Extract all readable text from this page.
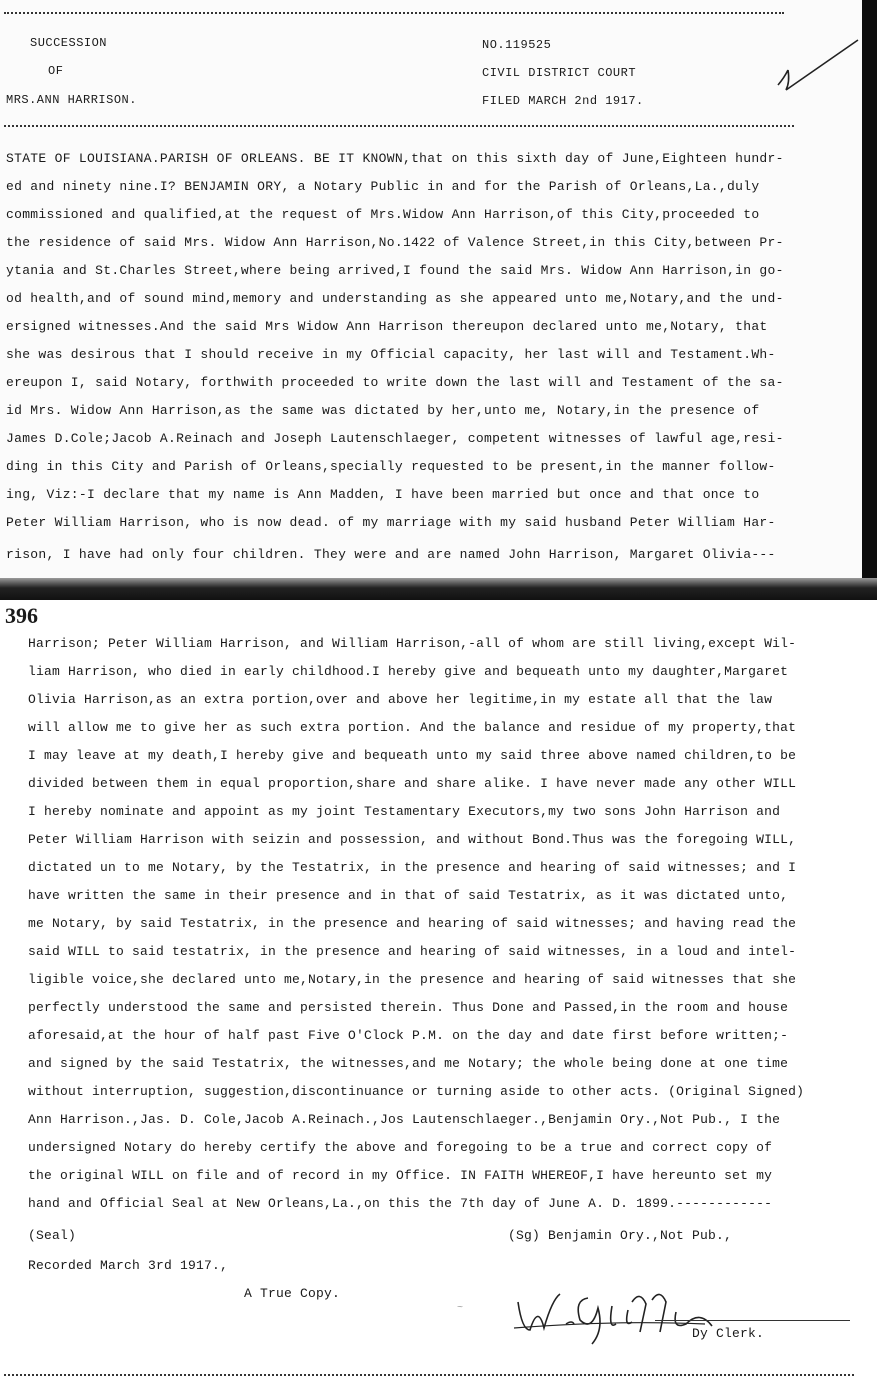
SUCCESSION
OF
MRS.ANN HARRISON.
NO.119525
CIVIL DISTRICT COURT
FILED MARCH 2nd 1917.
STATE OF LOUISIANA.PARISH OF ORLEANS. BE IT KNOWN,that on this sixth day of June,Eighteen hundr-
ed and ninety nine.I? BENJAMIN ORY, a Notary Public in and for the Parish of Orleans,La.,duly
commissioned and qualified,at the request of Mrs.Widow Ann Harrison,of this City,proceeded to
the residence of said Mrs. Widow Ann Harrison,No.1422 of Valence Street,in this City,between Pr-
ytania and St.Charles Street,where being arrived,I found the said Mrs. Widow Ann Harrison,in go-
od health,and of sound mind,memory and understanding as she appeared unto me,Notary,and the und-
ersigned witnesses.And the said Mrs Widow Ann Harrison thereupon declared unto me,Notary, that
she was desirous that I should receive in my Official capacity, her last will and Testament.Wh-
ereupon I, said Notary, forthwith proceeded to write down the last will and Testament of the sa-
id Mrs. Widow Ann Harrison,as the same was dictated by her,unto me, Notary,in the presence of
James D.Cole;Jacob A.Reinach and Joseph Lautenschlaeger, competent witnesses of lawful age,resi-
ding in this City and Parish of Orleans,specially requested to be present,in the manner follow-
ing, Viz:-I declare that my name is Ann Madden, I have been married but once and that once to
Peter William Harrison, who is now dead. of my marriage with my said husband Peter William Har-
rison, I have had only four children. They were and are named John Harrison, Margaret Olivia---
396
Harrison; Peter William Harrison, and William Harrison,-all of whom are still living,except Wil-
liam Harrison, who died in early childhood.I hereby give and bequeath unto my daughter,Margaret
Olivia Harrison,as an extra portion,over and above her legitime,in my estate all that the law
will allow me to give her as such extra portion. And the balance and residue of my property,that
I may leave at my death,I hereby give and bequeath unto my said three above named children,to be
divided between them in equal proportion,share and share alike. I have never made any other WILL
I hereby nominate and appoint as my joint Testamentary Executors,my two sons John Harrison and
Peter William Harrison with seizin and possession, and without Bond.Thus was the foregoing WILL,
dictated un to me Notary, by the Testatrix, in the presence and hearing of said witnesses; and I
have written the same in their presence and in that of said Testatrix, as it was dictated unto,
me Notary, by said Testatrix, in the presence and hearing of said witnesses; and having read the
said WILL to said testatrix, in the presence and hearing of said witnesses, in a loud and intel-
ligible voice,she declared unto me,Notary,in the presence and hearing of said witnesses that she
perfectly understood the same and persisted therein. Thus Done and Passed,in the room and house
aforesaid,at the hour of half past Five O'Clock P.M. on the day and date first before written;-
and signed by the said Testatrix, the witnesses,and me Notary; the whole being done at one time
without interruption, suggestion,discontinuance or turning aside to other acts. (Original Signed)
Ann Harrison.,Jas. D. Cole,Jacob A.Reinach.,Jos Lautenschlaeger.,Benjamin Ory.,Not Pub., I the
undersigned Notary do hereby certify the above and foregoing to be a true and correct copy of
the original WILL on file and of record in my Office. IN FAITH WHEREOF,I have hereunto set my
hand and Official Seal at New Orleans,La.,on this the 7th day of June A. D. 1899.------------
(Seal)	(Sg) Benjamin Ory.,Not Pub.,
Recorded March 3rd 1917.,
A True Copy.
~
W. J. Griffin
Dy Clerk.
